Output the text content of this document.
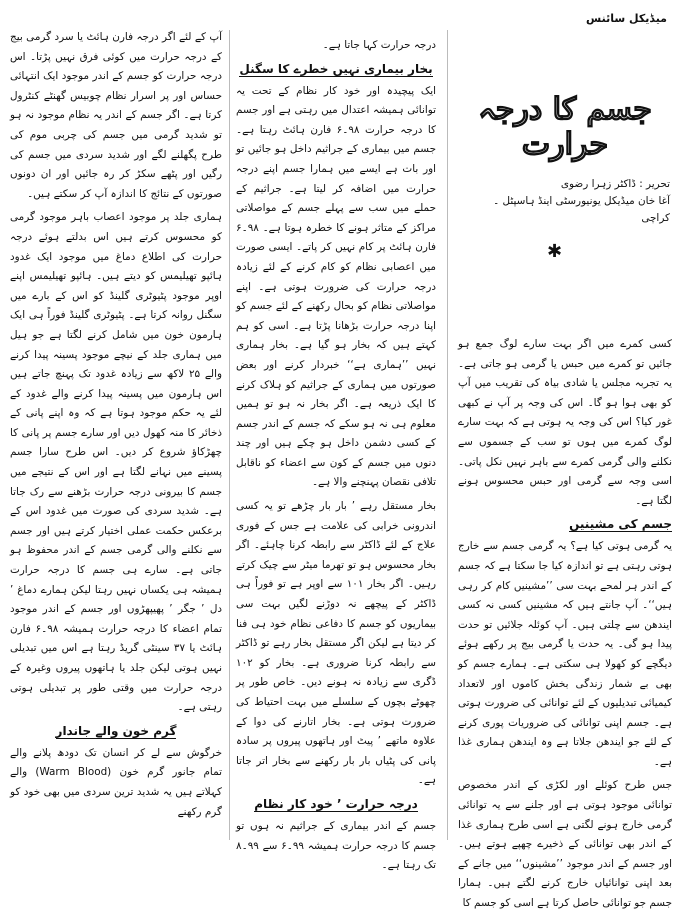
میڈیکل سائنس
جسم کا درجہ حرارت
تحریر : ڈاکٹر زہرا رضوی
آغا خان میڈیکل یونیورسٹی اینڈ ہاسپٹل ۔ کراچی
✱

کسی کمرے میں اگر بہت سارے لوگ جمع ہو جائیں تو کمرے میں حبس یا گرمی ہو جاتی ہے۔ یہ تجربہ مجلس یا شادی بیاہ کی تقریب میں آپ کو بھی ہوا ہو گا۔ اس کی وجہ پر آپ نے کبھی غور کیا؟ اس کی وجہ یہ ہوتی ہے کہ بہت سارے لوگ کمرے میں ہوں تو سب کے جسموں سے نکلنے والی گرمی کمرے سے باہر نہیں نکل پاتی۔ اسی وجہ سے گرمی اور حبس محسوس ہونے لگتا ہے۔

جسم کی مشینیں

یہ گرمی ہوتی کیا ہے؟ یہ گرمی جسم سے خارج ہوتی رہتی ہے تو اندازہ کیا جا سکتا ہے کہ جسم کے اندر ہر لمحے بہت سی ’’مشینیں کام کر رہی ہیں‘‘۔ آپ جانتے ہیں کہ مشینیں کسی نہ کسی ایندھن سے چلتی ہیں۔ آپ کوئلہ جلائیں تو حدت پیدا ہو گی۔ یہ حدت یا گرمی بیج پر رکھے ہوئے دیگچے کو کھولا ہی سکتی ہے۔ ہمارے جسم کو بھی بے شمار زندگی بخش کاموں اور لاتعداد کیمیائی تبدیلیوں کے لئے توانائی کی ضرورت ہوتی ہے۔ جسم اپنی توانائی کی ضروریات پوری کرنے کے لئے جو ایندھن جلاتا ہے وہ ایندھن ہماری غذا ہے۔

جس طرح کوئلے اور لکڑی کے اندر مخصوص توانائی موجود ہوتی ہے اور جلنے سے یہ توانائی گرمی خارج ہونے لگتی ہے اسی طرح ہماری غذا کے اندر بھی توانائی کے ذخیرے چھپے ہوتے ہیں۔ اور جسم کے اندر موجود ’’مشینوں‘‘ میں جانے کے بعد اپنی توانائیاں خارج کرنے لگتے ہیں۔ ہمارا جسم جو توانائی حاصل کرتا ہے اسی کو جسم کا

درجہ حرارت کہا جاتا ہے۔

بخار بیماری نہیں خطرے کا سگنل

ایک پیچیدہ اور خود کار نظام کے تحت یہ توانائی ہمیشہ اعتدال میں رہتی ہے اور جسم کا درجہ حرارت ۹۸۔۶ فارن ہائٹ رہتا ہے۔ جسم میں بیماری کے جراثیم داخل ہو جائیں تو اور بات ہے ایسے میں ہمارا جسم اپنے درجہ حرارت میں اضافہ کر لیتا ہے۔ جراثیم کے حملے میں سب سے پہلے جسم کے مواصلاتی مراکز کے متاثر ہونے کا خطرہ ہوتا ہے۔ ۹۸۔۶ فارن ہائٹ پر کام نہیں کر پاتے۔ ایسی صورت میں اعصابی نظام کو کام کرنے کے لئے زیادہ درجہ حرارت کی ضرورت ہوتی ہے۔ اپنے مواصلاتی نظام کو بحال رکھنے کے لئے جسم کو اپنا درجہ حرارت بڑھانا پڑتا ہے۔ اسی کو ہم کہتے ہیں کہ بخار ہو گیا ہے۔ بخار ہماری نہیں ’’ہماری ہے‘‘ خبردار کرنے اور بعض صورتوں میں ہماری کے جراثیم کو ہلاک کرنے کا ایک ذریعہ ہے۔ اگر بخار نہ ہو تو ہمیں معلوم ہی نہ ہو سکے کہ جسم کے اندر جسم کے کسی دشمن داخل ہو چکے ہیں اور چند دنوں میں جسم کے کون سے اعضاء کو ناقابل تلافی نقصان پہنچنے والا ہے۔

بخار مستقل رہے ’ بار بار چڑھے تو یہ کسی اندرونی خرابی کی علامت ہے جس کے فوری علاج کے لئے ڈاکٹر سے رابطہ کرنا چاہئے۔ اگر بخار محسوس ہو تو تھرما میٹر سے چیک کرتے رہیں۔ اگر بخار ۱۰۱ سے اوپر ہے تو فوراً ہی ڈاکٹر کے پیچھے نہ دوڑنے لگیں بہت سی بیماریوں کو جسم کا دفاعی نظام خود ہی فنا کر دیتا ہے لیکن اگر مستقل بخار رہے تو ڈاکٹر سے رابطہ کرنا ضروری ہے۔ بخار کو ۱۰۲ ڈگری سے زیادہ نہ ہونے دیں۔ خاص طور پر چھوٹے بچوں کے سلسلے میں بہت احتیاط کی ضرورت ہوتی ہے۔ بخار اتارنے کی دوا کے علاوہ ماتھے ’ پیٹ اور ہاتھوں پیروں پر سادہ پانی کی پٹیاں بار بار رکھنے سے بخار اتر جاتا ہے۔

درجہ حرارت ’ خود کار نظام

جسم کے اندر بیماری کے جراثیم نہ ہوں تو جسم کا درجہ حرارت ہمیشہ ۹۹۔۶ سے ۹۹۔۸ تک رہتا ہے۔

آپ کے لئے اگر درجہ فارن ہائٹ یا سرد گرمی بیج کے درجہ حرارت میں کوئی فرق نہیں پڑتا۔ اس درجہ حرارت کو جسم کے اندر موجود ایک انتہائی حساس اور پر اسرار نظام چوبیس گھنٹے کنٹرول کرتا ہے۔ اگر جسم کے اندر یہ نظام موجود نہ ہو تو شدید گرمی میں جسم کی چربی موم کی طرح پگھلنے لگے اور شدید سردی میں جسم کی رگیں اور پٹھے سکڑ کر رہ جائیں اور ان دونوں صورتوں کے نتائج کا اندازہ آپ کر سکتے ہیں۔

ہماری جلد پر موجود اعصاب باہر موجود گرمی کو محسوس کرتے ہیں اس بدلتے ہوئے درجہ حرارت کی اطلاع دماغ میں موجود ایک غدود ہائپو تھیلیمس کو دیتے ہیں۔ ہائپو تھیلیمس اپنے اوپر موجود پٹیوٹری گلینڈ کو اس کے بارے میں سگنل روانہ کرتا ہے۔ پٹیوٹری گلینڈ فوراً ہی ایک ہارمون خون میں شامل کرنے لگتا ہے جو ہیل میں ہماری جلد کے نیچے موجود پسینہ پیدا کرنے والے ۲۵ لاکھ سے زیادہ غدود تک پہنچ جاتے ہیں اس ہارمون میں پسینہ پیدا کرنے والے غدود کے لئے یہ حکم موجود ہوتا ہے کہ وہ اپنے پانی کے ذخائر کا منہ کھول دیں اور سارے جسم پر پانی کا چھڑکاؤ شروع کر دیں۔ اس طرح سارا جسم پسینے میں نہانے لگتا ہے اور اس کے نتیجے میں جسم کا بیرونی درجہ حرارت بڑھنے سے رک جاتا ہے۔ شدید سردی کی صورت میں غدود اس کے برعکس حکمت عملی اختیار کرتے ہیں اور جسم سے نکلنے والی گرمی جسم کے اندر محفوظ ہو جاتی ہے۔ سارے ہی جسم کا درجہ حرارت ہمیشہ ہی یکساں نہیں رہتا لیکن ہمارے دماغ ’ دل ’ جگر ’ پھیپھڑوں اور جسم کے اندر موجود تمام اعضاء کا درجہ حرارت ہمیشہ ۹۸۔۶ فارن ہائٹ یا ۳۷ سینٹی گریڈ رہتا ہے اس میں تبدیلی نہیں ہوتی لیکن جلد یا ہاتھوں پیروں وغیرہ کے درجہ حرارت میں وقتی طور پر تبدیلی ہوتی رہتی ہے۔

گرم خون والے جاندار

خرگوش سے لے کر انسان تک دودھ پلانے والے تمام جانور گرم خون (Warm Blood) والے کہلاتے ہیں یہ شدید ترین سردی میں بھی خود کو گرم رکھنے
